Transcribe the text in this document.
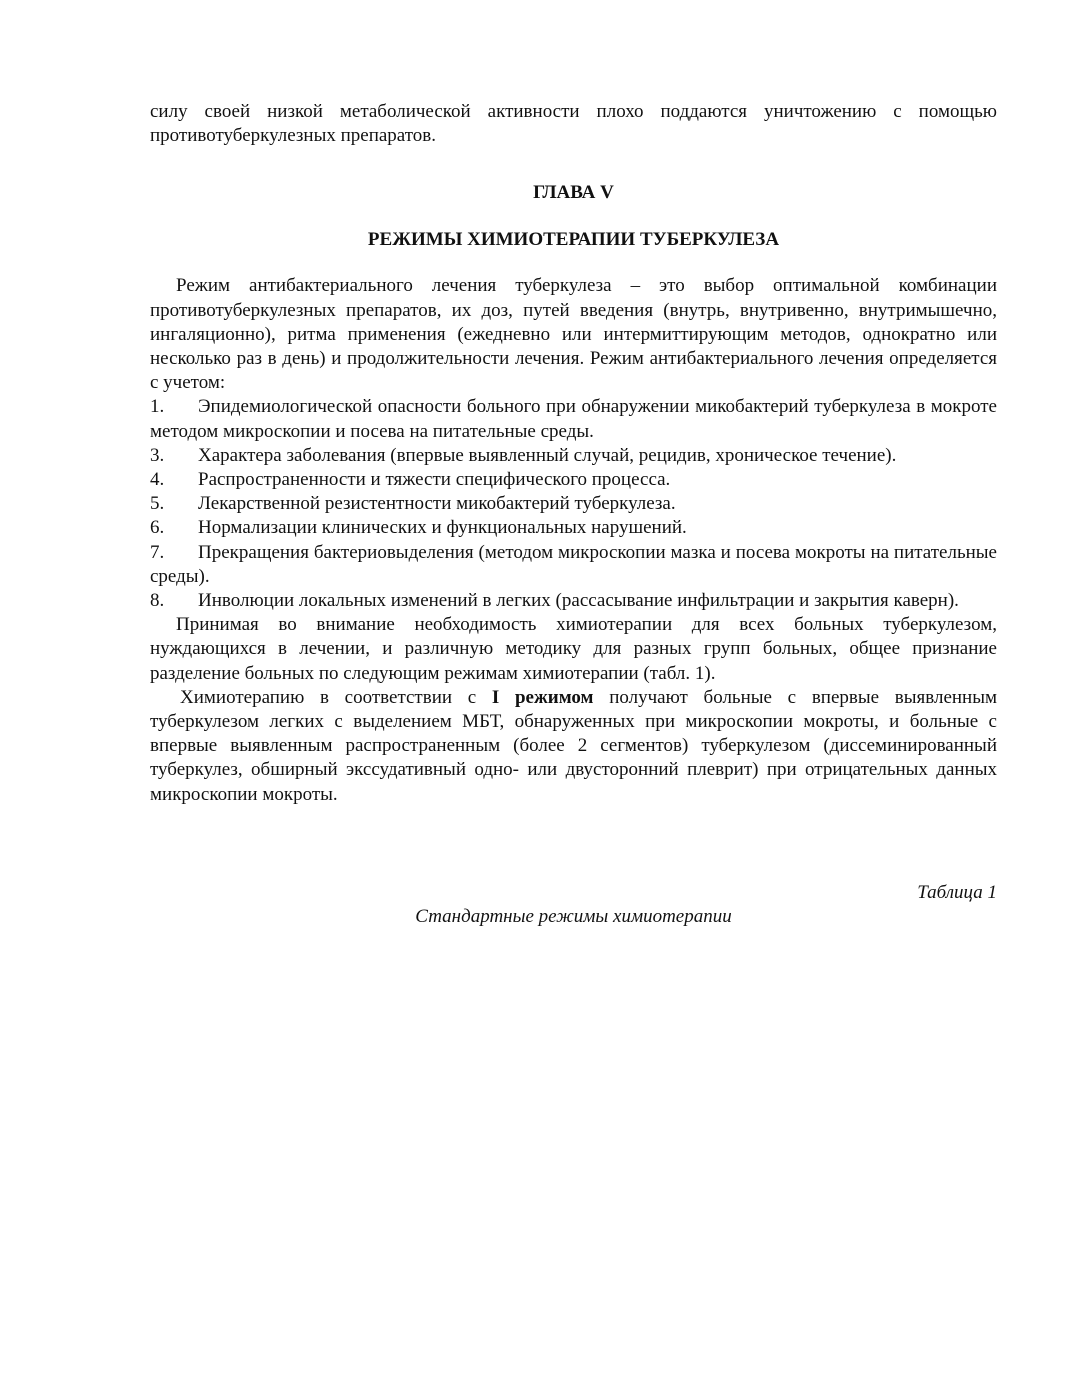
силу своей низкой метаболической активности плохо поддаются уничтожению с помощью противотуберкулезных препаратов.

ГЛАВА V

РЕЖИМЫ ХИМИОТЕРАПИИ ТУБЕРКУЛЕЗА

Режим антибактериального лечения туберкулеза – это выбор оптимальной комбинации противотуберкулезных препаратов, их доз, путей введения (внутрь, внутривенно, внутримышечно, ингаляционно), ритма применения (ежедневно или интермиттирующим методов, однократно или несколько раз в день) и продолжительности лечения. Режим антибактериального лечения определяется с учетом:

1. Эпидемиологической опасности больного при обнаружении микобактерий туберкулеза в мокроте методом микроскопии и посева на питательные среды.

3. Характера заболевания (впервые выявленный случай, рецидив, хроническое течение).

4. Распространенности и тяжести специфического процесса.

5. Лекарственной резистентности микобактерий туберкулеза.

6. Нормализации клинических и функциональных нарушений.

7. Прекращения бактериовыделения (методом микроскопии мазка и посева мокроты на питательные среды).

8. Инволюции локальных изменений в легких (рассасывание инфильтрации и закрытия каверн).

Принимая во внимание необходимость химиотерапии для всех больных туберкулезом, нуждающихся в лечении, и различную методику для разных групп больных, общее признание разделение больных по следующим режимам химиотерапии (табл. 1).

Химиотерапию в соответствии с I режимом получают больные с впервые выявленным туберкулезом легких с выделением МБТ, обнаруженных при микроскопии мокроты, и больные с впервые выявленным распространенным (более 2 сегментов) туберкулезом (диссеминированный туберкулез, обширный экссудативный одно- или двусторонний плеврит) при отрицательных данных микроскопии мокроты.

Таблица 1

Стандартные режимы химиотерапии
